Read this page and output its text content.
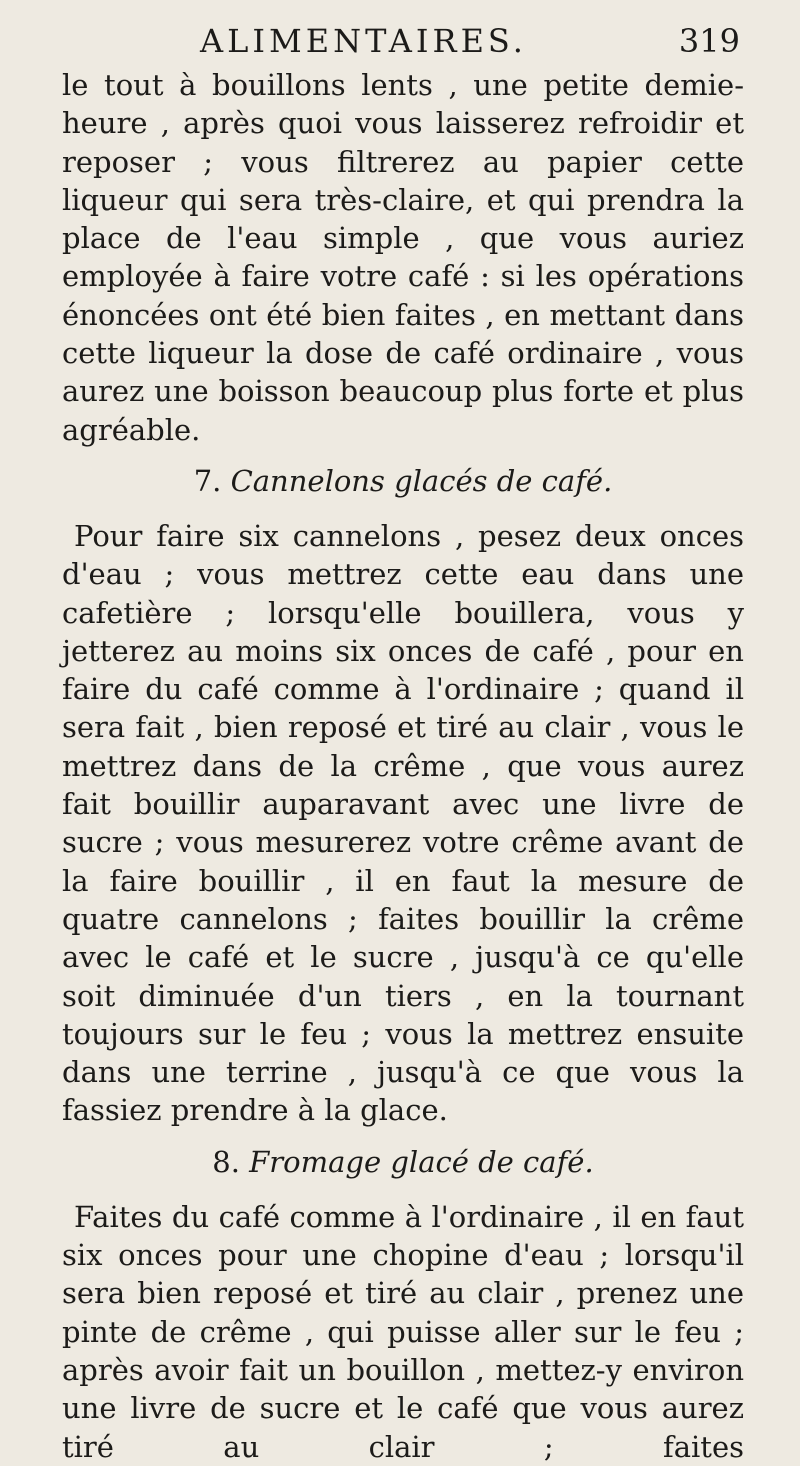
ALIMENTAIRES.	319

le tout à bouillons lents , une petite demie-heure , après quoi vous laisserez refroidir et reposer ; vous filtrerez au papier cette liqueur qui sera très-claire, et qui prendra la place de l'eau simple , que vous auriez employée à faire votre café : si les opérations énoncées ont été bien faites , en mettant dans cette liqueur la dose de café ordinaire , vous aurez une boisson beaucoup plus forte et plus agréable.

7. Cannelons glacés de café.

Pour faire six cannelons , pesez deux onces d'eau ; vous mettrez cette eau dans une cafetière ; lorsqu'elle bouillera, vous y jetterez au moins six onces de café , pour en faire du café comme à l'ordinaire ; quand il sera fait , bien reposé et tiré au clair , vous le mettrez dans de la crême , que vous aurez fait bouillir auparavant avec une livre de sucre ; vous mesurerez votre crême avant de la faire bouillir , il en faut la mesure de quatre cannelons ; faites bouillir la crême avec le café et le sucre , jusqu'à ce qu'elle soit diminuée d'un tiers , en la tournant toujours sur le feu ; vous la mettrez ensuite dans une terrine , jusqu'à ce que vous la fassiez prendre à la glace.

8. Fromage glacé de café.

Faites du café comme à l'ordinaire , il en faut six onces pour une chopine d'eau ; lorsqu'il sera bien reposé et tiré au clair , prenez une pinte de crême , qui puisse aller sur le feu ; après avoir fait un bouillon , mettez-y environ une livre de sucre et le café que vous aurez tiré au clair ; faites
